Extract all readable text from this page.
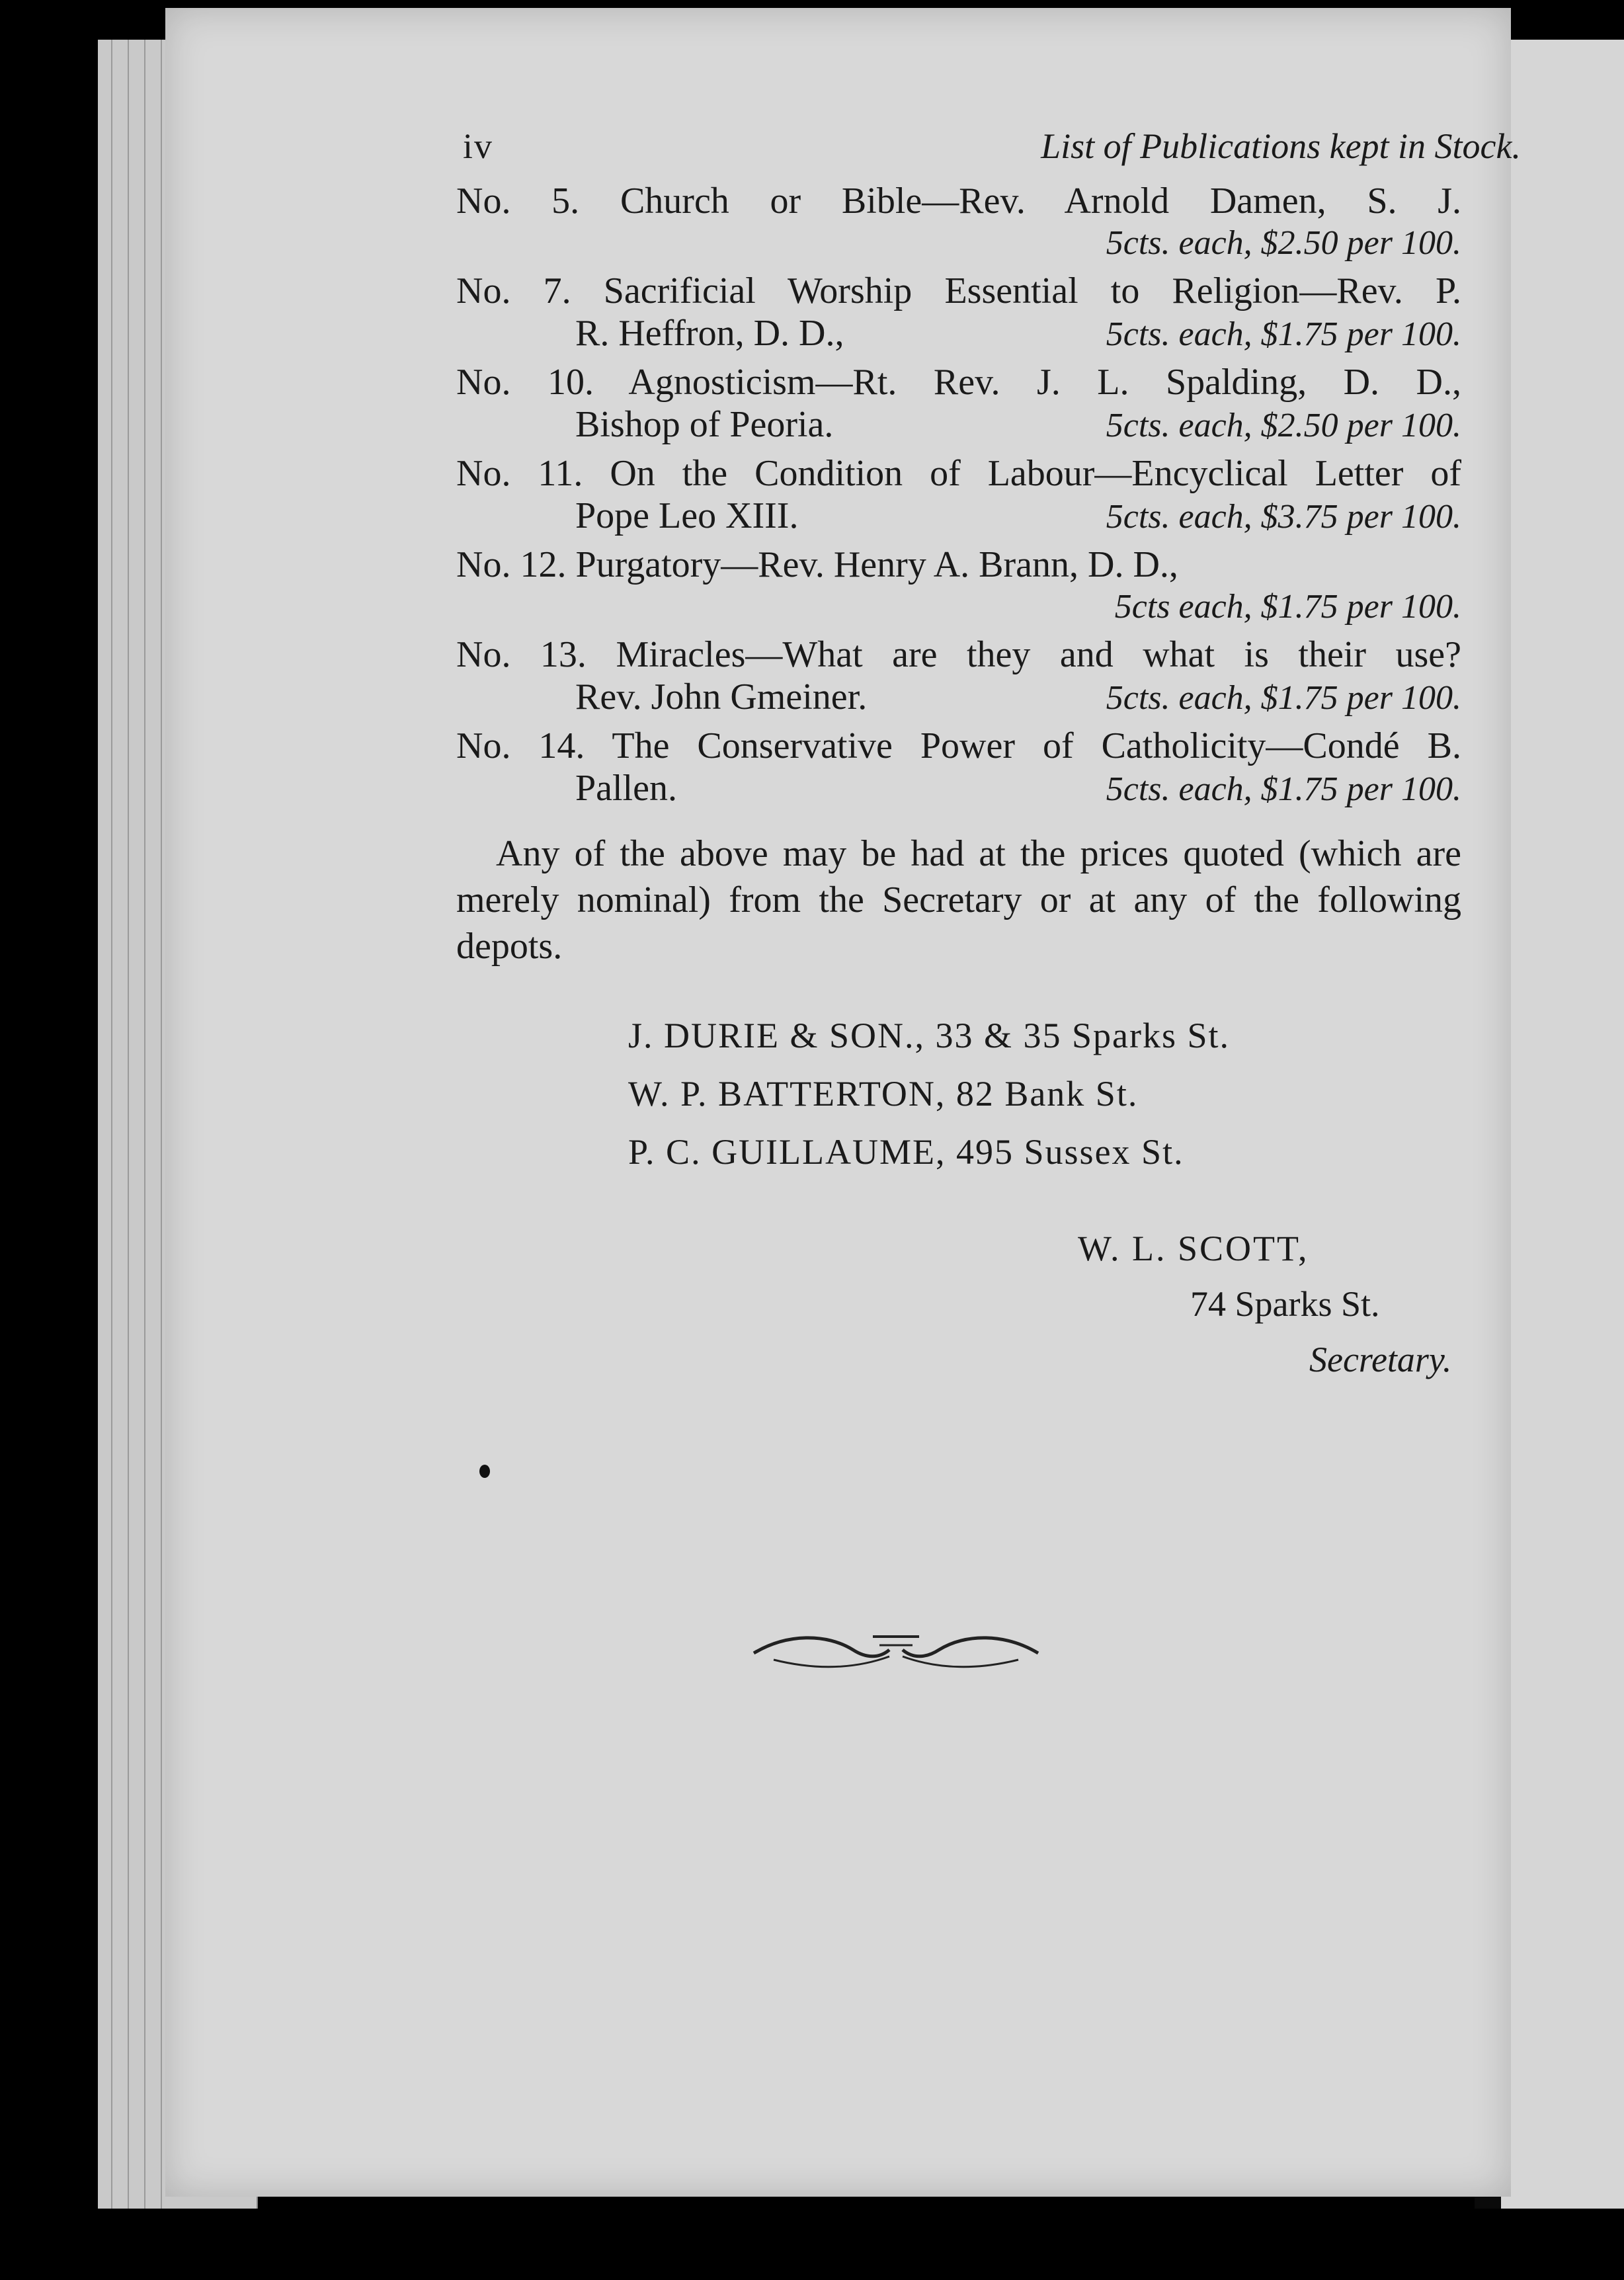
iv	List of Publications kept in Stock.
No. 5. Church or Bible—Rev. Arnold Damen, S. J.
5cts. each, $2.50 per 100.
No. 7. Sacrificial Worship Essential to Religion—Rev. P.
R. Heffron, D. D.,	5cts. each, $1.75 per 100.
No. 10. Agnosticism—Rt. Rev. J. L. Spalding, D. D.,
Bishop of Peoria.	5cts. each, $2.50 per 100.
No. 11. On the Condition of Labour—Encyclical Letter of
Pope Leo XIII.	5cts. each, $3.75 per 100.
No. 12. Purgatory—Rev. Henry A. Brann, D. D.,
5cts each, $1.75 per 100.
No. 13. Miracles—What are they and what is their use?
Rev. John Gmeiner.	5cts. each, $1.75 per 100.
No. 14. The Conservative Power of Catholicity—Condé B.
Pallen.	5cts. each, $1.75 per 100.

Any of the above may be had at the prices quoted (which are merely nominal) from the Secretary or at any of the following depots.

J. DURIE & SON., 33 & 35 Sparks St.
W. P. BATTERTON, 82 Bank St.
P. C. GUILLAUME, 495 Sussex St.
W. L. SCOTT,
74 Sparks St.
Secretary.
